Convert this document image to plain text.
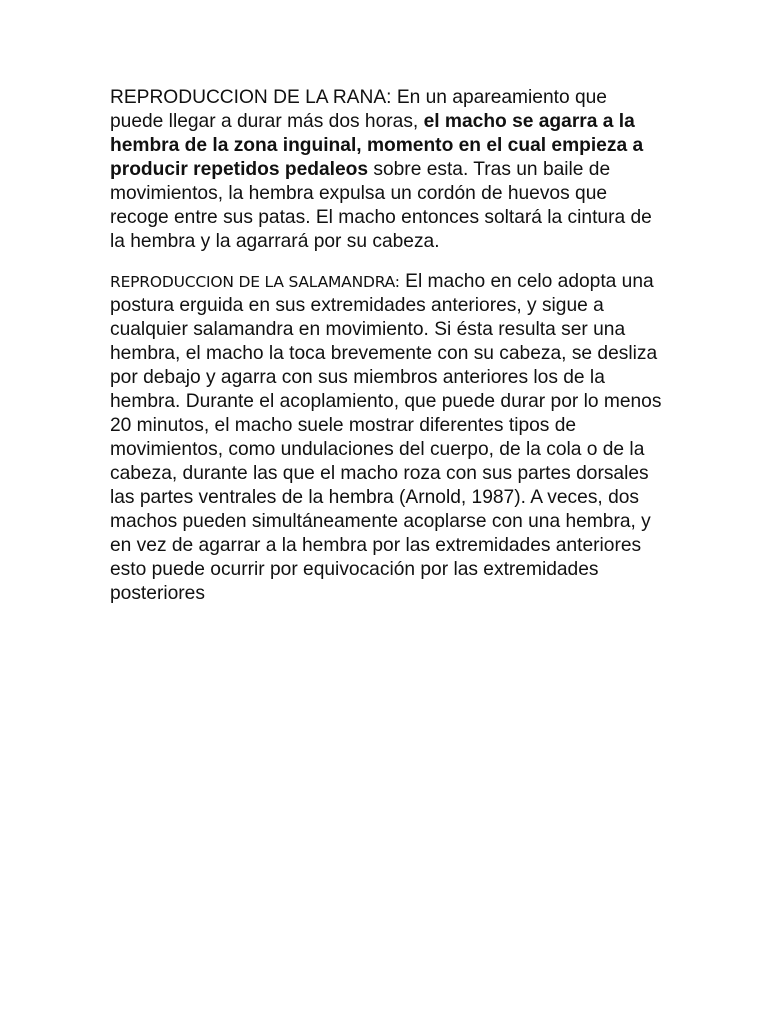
REPRODUCCION DE LA RANA: En un apareamiento que puede llegar a durar más dos horas, el macho se agarra a la hembra de la zona inguinal, momento en el cual empieza a producir repetidos pedaleos sobre esta. Tras un baile de movimientos, la hembra expulsa un cordón de huevos que recoge entre sus patas. El macho entonces soltará la cintura de la hembra y la agarrará por su cabeza.

REPRODUCCION DE LA SALAMANDRA: El macho en celo adopta una postura erguida en sus extremidades anteriores, y sigue a cualquier salamandra en movimiento. Si ésta resulta ser una hembra, el macho la toca brevemente con su cabeza, se desliza por debajo y agarra con sus miembros anteriores los de la hembra. Durante el acoplamiento, que puede durar por lo menos 20 minutos, el macho suele mostrar diferentes tipos de movimientos, como undulaciones del cuerpo, de la cola o de la cabeza, durante las que el macho roza con sus partes dorsales las partes ventrales de la hembra (Arnold, 1987). A veces, dos machos pueden simultáneamente acoplarse con una hembra, y en vez de agarrar a la hembra por las extremidades anteriores esto puede ocurrir por equivocación por las extremidades posteriores
